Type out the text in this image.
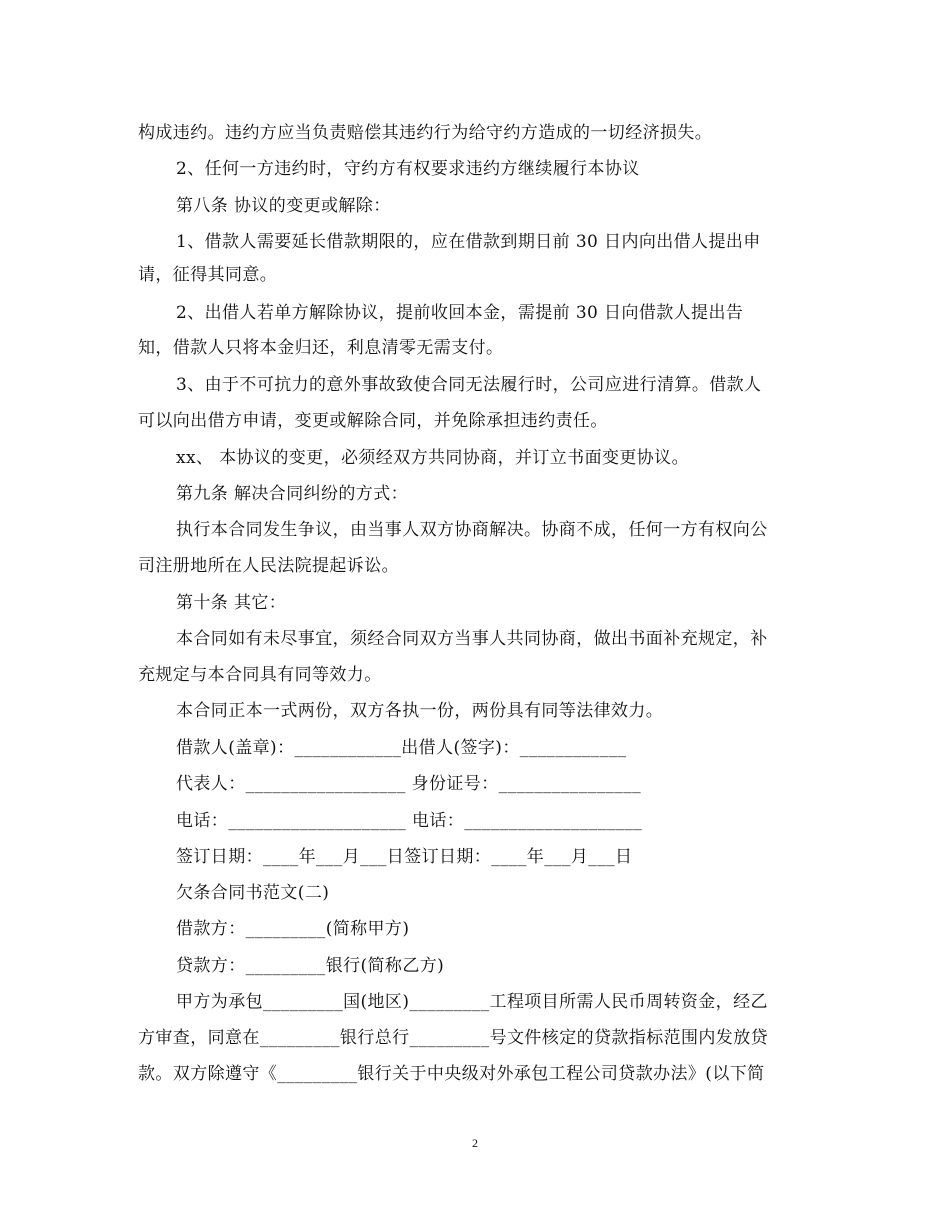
构成违约。违约方应当负责赔偿其违约行为给守约方造成的一切经济损失。
2、任何一方违约时，守约方有权要求违约方继续履行本协议
第八条 协议的变更或解除：
1、借款人需要延长借款期限的，应在借款到期日前 30 日内向出借人提出申
请，征得其同意。
2、出借人若单方解除协议，提前收回本金，需提前 30 日向借款人提出告
知，借款人只将本金归还，利息清零无需支付。
3、由于不可抗力的意外事故致使合同无法履行时，公司应进行清算。借款人
可以向出借方申请，变更或解除合同，并免除承担违约责任。
xx、 本协议的变更，必须经双方共同协商，并订立书面变更协议。
第九条 解决合同纠纷的方式：
执行本合同发生争议，由当事人双方协商解决。协商不成，任何一方有权向公
司注册地所在人民法院提起诉讼。
第十条 其它：
本合同如有未尽事宜，须经合同双方当事人共同协商，做出书面补充规定，补
充规定与本合同具有同等效力。
本合同正本一式两份，双方各执一份，两份具有同等法律效力。
借款人(盖章)：____________出借人(签字)：____________
代表人：__________________ 身份证号：________________
电话：____________________ 电话：____________________
签订日期：____年___月___日签订日期：____年___月___日
欠条合同书范文(二)
借款方：_________(简称甲方)
贷款方：_________银行(简称乙方)
甲方为承包_________国(地区)_________工程项目所需人民币周转资金，经乙
方审查，同意在_________银行总行_________号文件核定的贷款指标范围内发放贷
款。双方除遵守《_________银行关于中央级对外承包工程公司贷款办法》(以下简
2
